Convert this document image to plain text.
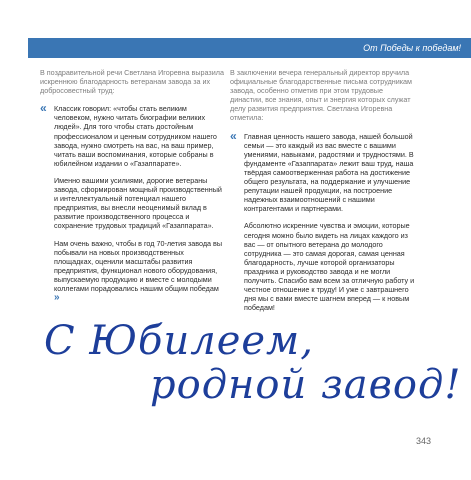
От Победы к победам!

В поздравительной речи Светлана Игоревна выразила искреннюю благодарность ветеранам завода за их добросовестный труд:

« Классик говорил: «чтобы стать великим человеком, нужно читать биографии великих людей». Для того чтобы стать достойным профессионалом и ценным сотрудником нашего завода, нужно смотреть на вас, на ваш пример, читать ваши воспоминания, которые собраны в юбилейном издании о «Газаппарате».

Именно вашими усилиями, дорогие ветераны завода, сформирован мощный производственный и интеллектуальный потенциал нашего предприятия, вы внесли неоценимый вклад в развитие производственного процесса и сохранение трудовых традиций «Газаппарата».

Нам очень важно, чтобы в год 70-летия завода вы побывали на новых производственных площадках, оценили масштабы развития предприятия, функционал нового оборудования, выпускаемую продукцию и вместе с молодыми коллегами порадовались нашим общим победам »

В заключении вечера генеральный директор вручила официальные благодарственные письма сотрудникам завода, особенно отметив при этом трудовые династии, все знания, опыт и энергия которых служат делу развития предприятия. Светлана Игоревна отметила:

« Главная ценность нашего завода, нашей большой семьи — это каждый из вас вместе с вашими умениями, навыками, радостями и трудностями. В фундаменте «Газаппарата» лежит ваш труд, наша твёрдая самоотверженная работа на достижение общего результата, на поддержание и улучшение репутации нашей продукции, на построение надежных взаимоотношений с нашими контрагентами и партнерами.

Абсолютно искренние чувства и эмоции, которые сегодня можно было видеть на лицах каждого из вас — от опытного ветерана до молодого сотрудника — это самая дорогая, самая ценная благодарность, лучше которой организаторы праздника и руководство завода и не могли получить. Спасибо вам всем за отличную работу и честное отношение к труду! И уже с завтрашнего дня мы с вами вместе шагнем вперед — к новым победам!

С Юбилеем,
родной завод!
343
